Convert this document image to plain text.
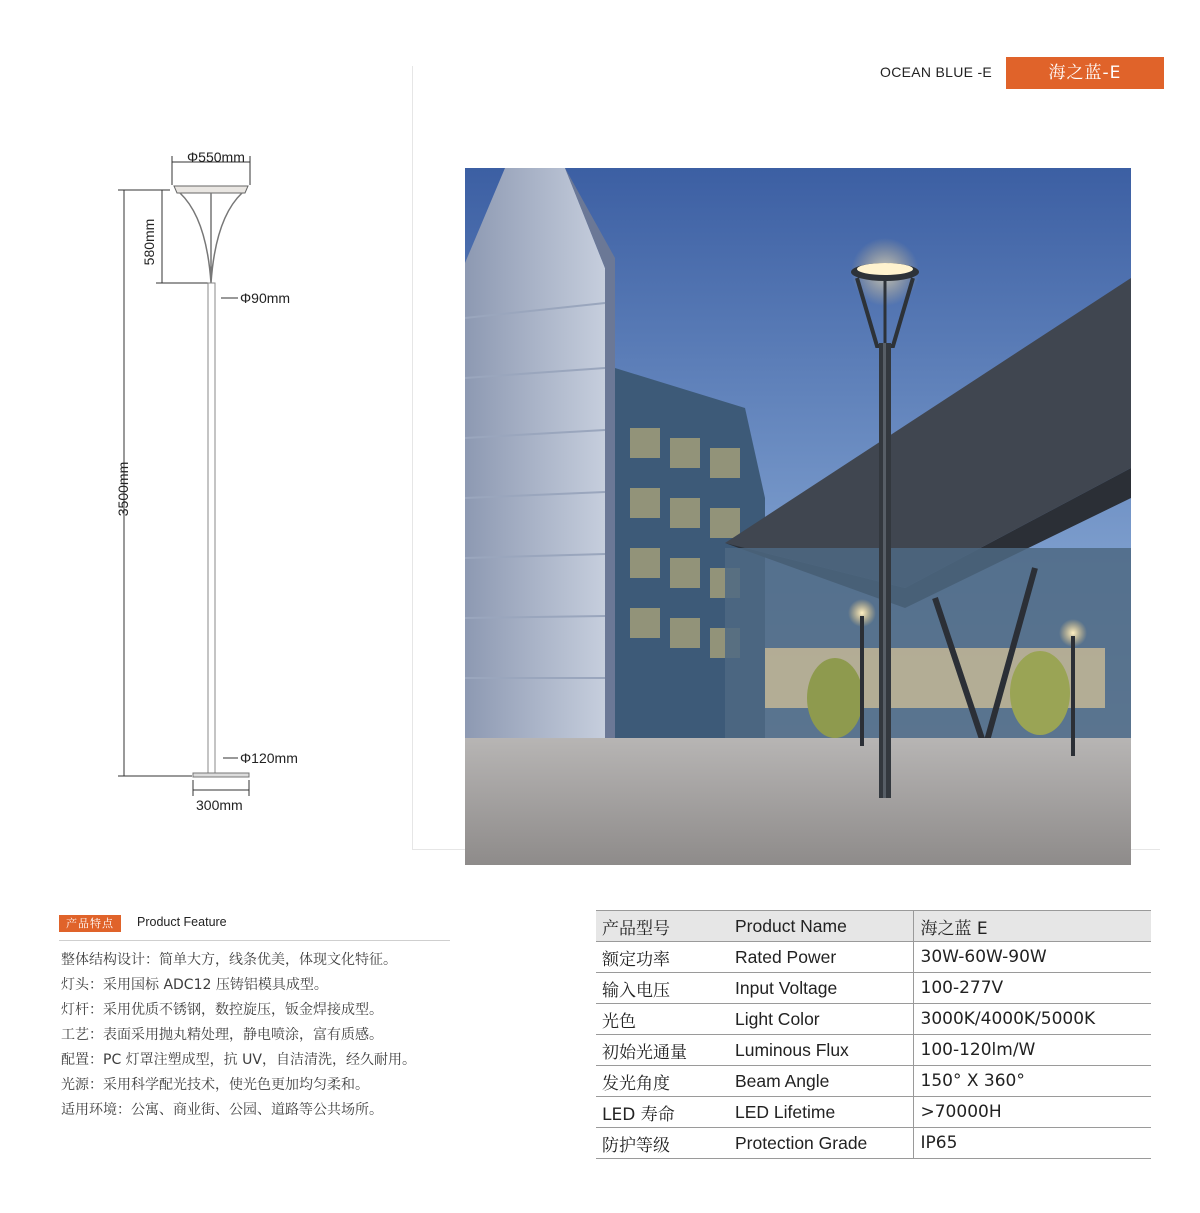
OCEAN BLUE -E	海之蓝-E
Φ550mm
580mm
Φ90mm
3500mm
Φ120mm
300mm
产品特点	Product Feature
整体结构设计：简单大方，线条优美，体现文化特征。
灯头：采用国标 ADC12 压铸铝模具成型。
灯杆：采用优质不锈钢，数控旋压，钣金焊接成型。
工艺：表面采用抛丸精处理，静电喷涂，富有质感。
配置：PC 灯罩注塑成型，抗 UV，自洁清洗，经久耐用。
光源：采用科学配光技术，使光色更加均匀柔和。
适用环境：公寓、商业街、公园、道路等公共场所。
产品型号	Product Name	海之蓝 E
额定功率	Rated Power	30W-60W-90W
输入电压	Input Voltage	100-277V
光色	Light Color	3000K/4000K/5000K
初始光通量	Luminous Flux	100-120lm/W
发光角度	Beam Angle	150° X 360°
LED 寿命	LED Lifetime	>70000H
防护等级	Protection Grade	IP65
